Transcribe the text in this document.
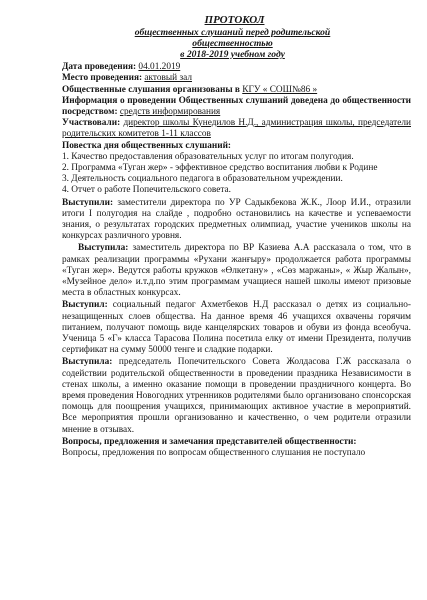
ПРОТОКОЛ
общественных слушаний перед родительской
общественностью
в 2018-2019 учебном году

Дата проведения: 04.01.2019

Место проведения: актовый зал

Общественные слушания организованы в КГУ « СОШ№86 »

Информация о проведении Общественных слушаний доведена до общественности посредством: средств информирования

Участвовали: директор школы Кунедилов Н.Д., администрация школы, председатели родительских комитетов 1-11 классов

Повестка дня общественных слушаний:

1. Качество предоставления образовательных услуг по итогам полугодия.
2. Программа «Туган жер» - эффективное средство воспитания любви к Родине
3. Деятельность социального педагога в образовательном учреждении.
4. Отчет о работе Попечительского совета.

Выступили: заместители директора по УР Садыкбекова Ж.К., Лоор И.И., отразили итоги I полугодия на слайде , подробно остановились на качестве и успеваемости знания, о результатах городских предметных олимпиад, участие учеников школы на конкурсах различного уровня.

Выступила: заместитель директора по ВР Казиева А.А рассказала о том, что в рамках реализации программы «Рухани жанғыру» продолжается работа программы «Туган жер». Ведутся работы кружков «Өлкетану» , «Сөз маржаны», « Жыр Жалын», «Музейное дело» и.т.д.по этим программам учащиеся нашей школы имеют призовые места в областных конкурсах.

Выступил: социальный педагог Ахметбеков Н.Д рассказал о детях из социально-незащищенных слоев общества. На данное время 46 учащихся охвачены горячим питанием, получают помощь виде канцелярских товаров и обуви из фонда всеобуча. Ученица 5 «Г» класса Тарасова Полина посетила елку от имени Президента, получив сертификат на сумму 50000 тенге и сладкие подарки.

Выступила: председатель Попечительского Совета Жолдасова Г.Ж рассказала о содействии родительской общественности в проведении праздника Независимости в стенах школы, а именно оказание помощи в проведении праздничного концерта. Во время проведения Новогодних утренников родителями было организовано спонсорская помощь для поощрения учащихся, принимающих активное участие в мероприятий. Все мероприятия прошли организованно и качественно, о чем родители отразили мнение в отзывах.

Вопросы, предложения и замечания представителей общественности:

Вопросы, предложения по вопросам общественного слушания не поступало
